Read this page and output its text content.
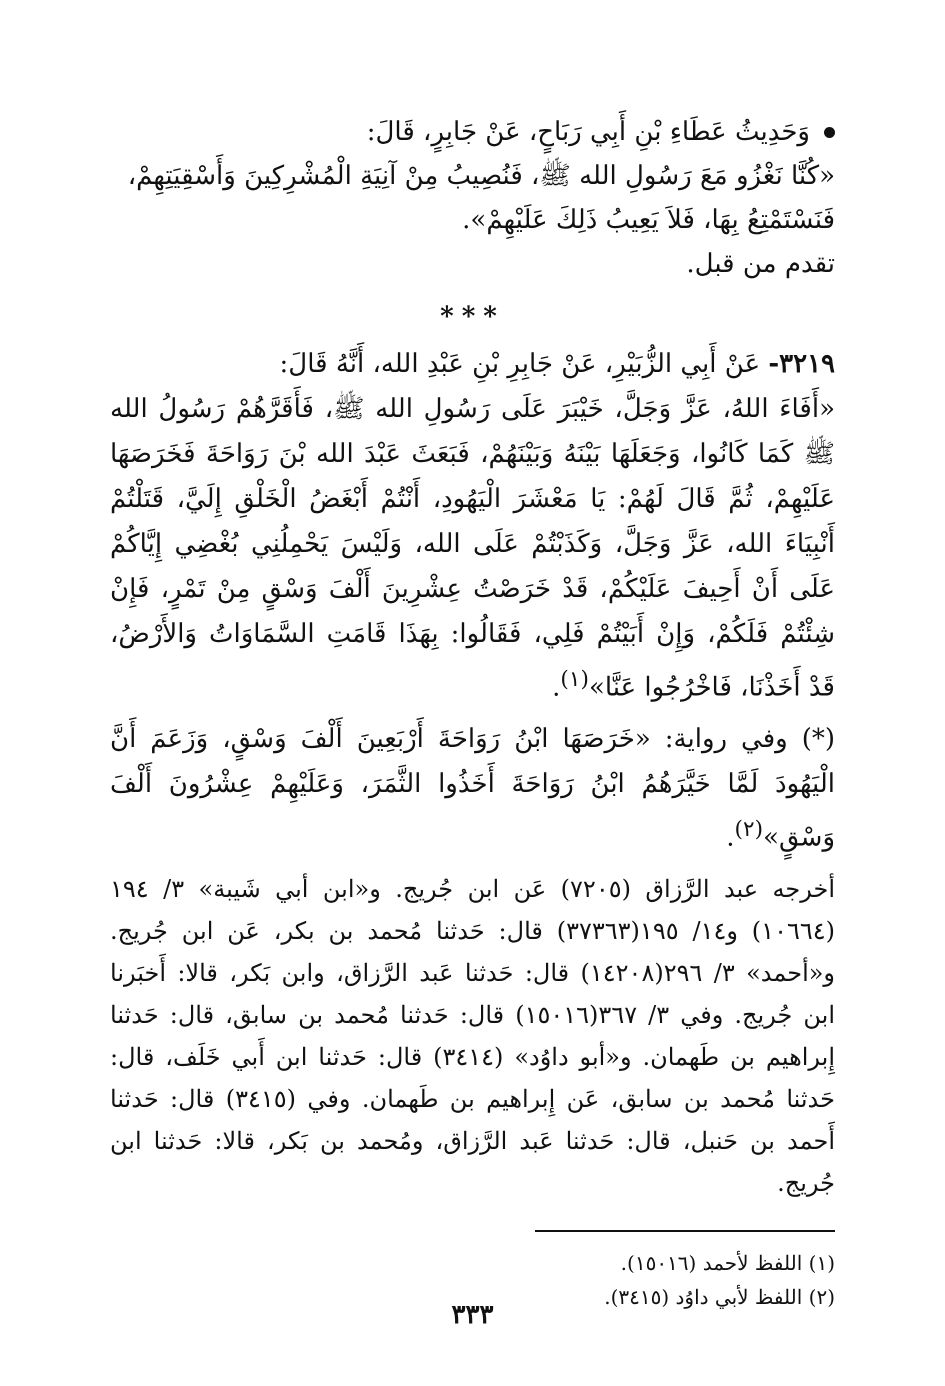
وَحَدِيثُ عَطَاءِ بْنِ أَبِي رَبَاحٍ، عَنْ جَابِرٍ، قَالَ:
«كُنَّا نَغْزُو مَعَ رَسُولِ الله ﷺ، فَنُصِيبُ مِنْ آنِيَةِ الْمُشْرِكِينَ وَأَسْقِيَتِهِمْ،
فَنَسْتَمْتِعُ بِهَا، فَلاَ يَعِيبُ ذَلِكَ عَلَيْهِمْ».
تقدم من قبل.
***

٣٢١٩- عَنْ أَبِي الزُّبَيْرِ، عَنْ جَابِرِ بْنِ عَبْدِ الله، أَنَّهُ قَالَ:

«أَفَاءَ اللهُ، عَزَّ وَجَلَّ، خَيْبَرَ عَلَى رَسُولِ الله ﷺ، فَأَقَرَّهُمْ رَسُولُ الله ﷺ كَمَا كَانُوا، وَجَعَلَهَا بَيْنَهُ وَبَيْنَهُمْ، فَبَعَثَ عَبْدَ الله بْنَ رَوَاحَةَ فَخَرَصَهَا عَلَيْهِمْ، ثُمَّ قَالَ لَهُمْ: يَا مَعْشَرَ الْيَهُودِ، أَنْتُمْ أَبْغَضُ الْخَلْقِ إِلَيَّ، قَتَلْتُمْ أَنْبِيَاءَ الله، عَزَّ وَجَلَّ، وَكَذَبْتُمْ عَلَى الله، وَلَيْسَ يَحْمِلُنِي بُغْضِي إِيَّاكُمْ عَلَى أَنْ أَحِيفَ عَلَيْكُمْ، قَدْ خَرَصْتُ عِشْرِينَ أَلْفَ وَسْقٍ مِنْ تَمْرٍ، فَإِنْ شِئْتُمْ فَلَكُمْ، وَإِنْ أَبَيْتُمْ فَلِي، فَقَالُوا: بِهَذَا قَامَتِ السَّمَاوَاتُ وَالأَرْضُ، قَدْ أَخَذْنَا، فَاخْرُجُوا عَنَّا»$^{(١)}$.

(*) وفي رواية: «خَرَصَهَا ابْنُ رَوَاحَةَ أَرْبَعِينَ أَلْفَ وَسْقٍ، وَزَعَمَ أَنَّ الْيَهُودَ لَمَّا خَيَّرَهُمُ ابْنُ رَوَاحَةَ أَخَذُوا الثَّمَرَ، وَعَلَيْهِمْ عِشْرُونَ أَلْفَ وَسْقٍ»$^{(٢)}$.

أخرجه عبد الرَّزاق (٧٢٠٥) عَن ابن جُريج. و«ابن أبي شَيبة» ٣/ ١٩٤ (١٠٦٦٤) و١٤/ ١٩٥(٣٧٣٦٣) قال: حَدثنا مُحمد بن بكر، عَن ابن جُريج. و«أحمد» ٣/ ٢٩٦(١٤٢٠٨) قال: حَدثنا عَبد الرَّزاق، وابن بَكر، قالا: أَخبَرنا ابن جُريج. وفي ٣/ ٣٦٧(١٥٠١٦) قال: حَدثنا مُحمد بن سابق، قال: حَدثنا إِبراهيم بن طَهمان. و«أبو داوُد» (٣٤١٤) قال: حَدثنا ابن أَبي خَلَف، قال: حَدثنا مُحمد بن سابق، عَن إِبراهيم بن طَهمان. وفي (٣٤١٥) قال: حَدثنا أَحمد بن حَنبل، قال: حَدثنا عَبد الرَّزاق، ومُحمد بن بَكر، قالا: حَدثنا ابن جُريج.

(١) اللفظ لأحمد (١٥٠١٦).
(٢) اللفظ لأبي داوُد (٣٤١٥).
٣٣٣
